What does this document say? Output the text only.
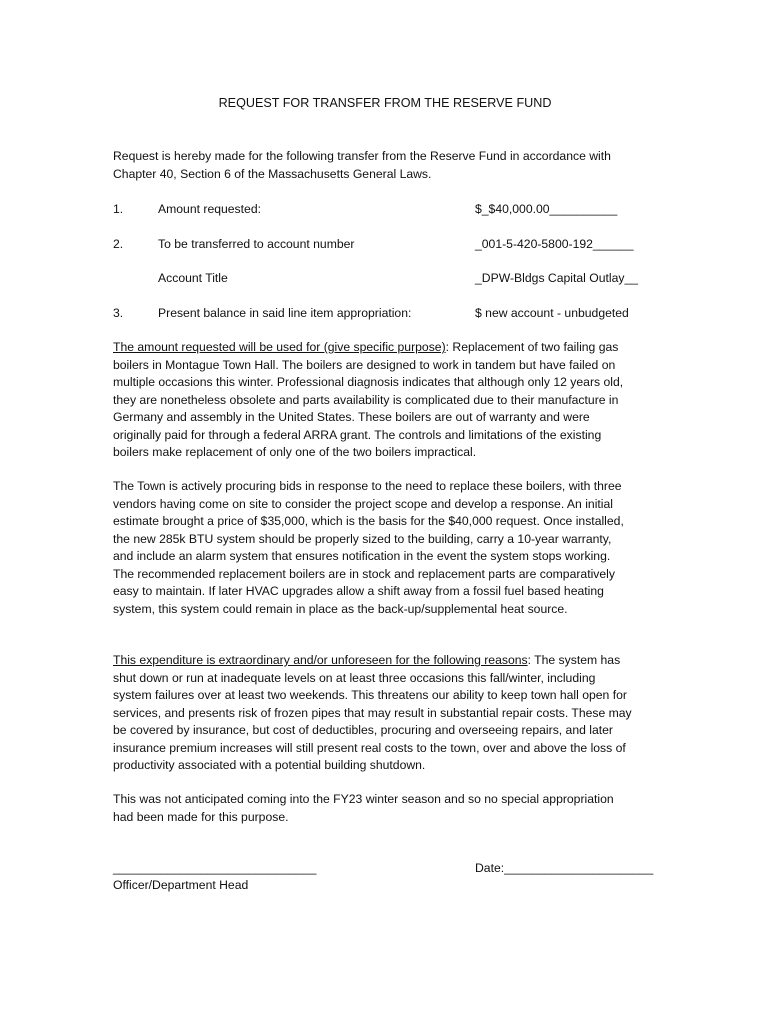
REQUEST FOR TRANSFER FROM THE RESERVE FUND

Request is hereby made for the following transfer from the Reserve Fund in accordance with

Chapter 40, Section 6 of the Massachusetts General Laws.

1.	Amount requested:	$_$40,000.00__________
2.	To be transferred to account number	_001-5-420-5800-192______
Account Title	_DPW-Bldgs Capital Outlay__
3.	Present balance in said line item appropriation:	$ new account - unbudgeted

The amount requested will be used for (give specific purpose): Replacement of two failing gas

boilers in Montague Town Hall. The boilers are designed to work in tandem but have failed on

multiple occasions this winter. Professional diagnosis indicates that although only 12 years old,

they are nonetheless obsolete and parts availability is complicated due to their manufacture in

Germany and assembly in the United States. These boilers are out of warranty and were

originally paid for through a federal ARRA grant. The controls and limitations of the existing

boilers make replacement of only one of the two boilers impractical.

The Town is actively procuring bids in response to the need to replace these boilers, with three

vendors having come on site to consider the project scope and develop a response. An initial

estimate brought a price of $35,000, which is the basis for the $40,000 request. Once installed,

the new 285k BTU system should be properly sized to the building, carry a 10-year warranty,

and include an alarm system that ensures notification in the event the system stops working.

The recommended replacement boilers are in stock and replacement parts are comparatively

easy to maintain. If later HVAC upgrades allow a shift away from a fossil fuel based heating

system, this system could remain in place as the back-up/supplemental heat source.

This expenditure is extraordinary and/or unforeseen for the following reasons: The system has

shut down or run at inadequate levels on at least three occasions this fall/winter, including

system failures over at least two weekends. This threatens our ability to keep town hall open for

services, and presents risk of frozen pipes that may result in substantial repair costs. These may

be covered by insurance, but cost of deductibles, procuring and overseeing repairs, and later

insurance premium increases will still present real costs to the town, over and above the loss of

productivity associated with a potential building shutdown.

This was not anticipated coming into the FY23 winter season and so no special appropriation

had been made for this purpose.

______________________________
Officer/Department Head
Date:______________________
